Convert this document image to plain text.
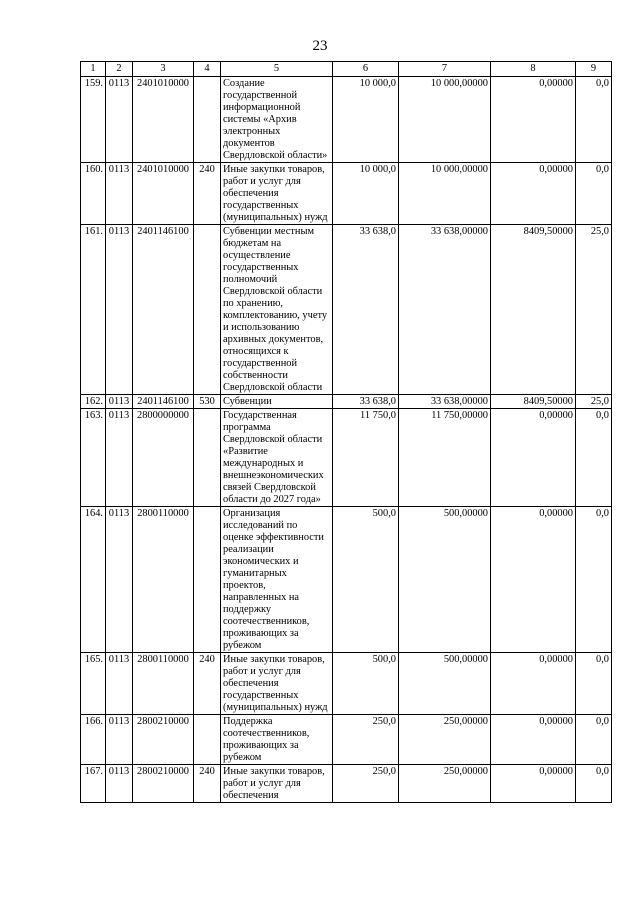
23
1	2	3	4	5	6	7	8	9
159.	0113	2401010000		Создание государственной информационной системы «Архив электронных документов Свердловской области»	10 000,0	10 000,00000	0,00000	0,0
160.	0113	2401010000	240	Иные закупки товаров, работ и услуг для обеспечения государственных (муниципальных) нужд	10 000,0	10 000,00000	0,00000	0,0
161.	0113	2401146100		Субвенции местным бюджетам на осуществление государственных полномочий Свердловской области по хранению, комплектованию, учету и использованию архивных документов, относящихся к государственной собственности Свердловской области	33 638,0	33 638,00000	8409,50000	25,0
162.	0113	2401146100	530	Субвенции	33 638,0	33 638,00000	8409,50000	25,0
163.	0113	2800000000		Государственная программа Свердловской области «Развитие международных и внешнеэкономических связей Свердловской области до 2027 года»	11 750,0	11 750,00000	0,00000	0,0
164.	0113	2800110000		Организация исследований по оценке эффективности реализации экономических и гуманитарных проектов, направленных на поддержку соотечественников, проживающих за рубежом	500,0	500,00000	0,00000	0,0
165.	0113	2800110000	240	Иные закупки товаров, работ и услуг для обеспечения государственных (муниципальных) нужд	500,0	500,00000	0,00000	0,0
166.	0113	2800210000		Поддержка соотечественников, проживающих за рубежом	250,0	250,00000	0,00000	0,0
167.	0113	2800210000	240	Иные закупки товаров, работ и услуг для обеспечения	250,0	250,00000	0,00000	0,0
